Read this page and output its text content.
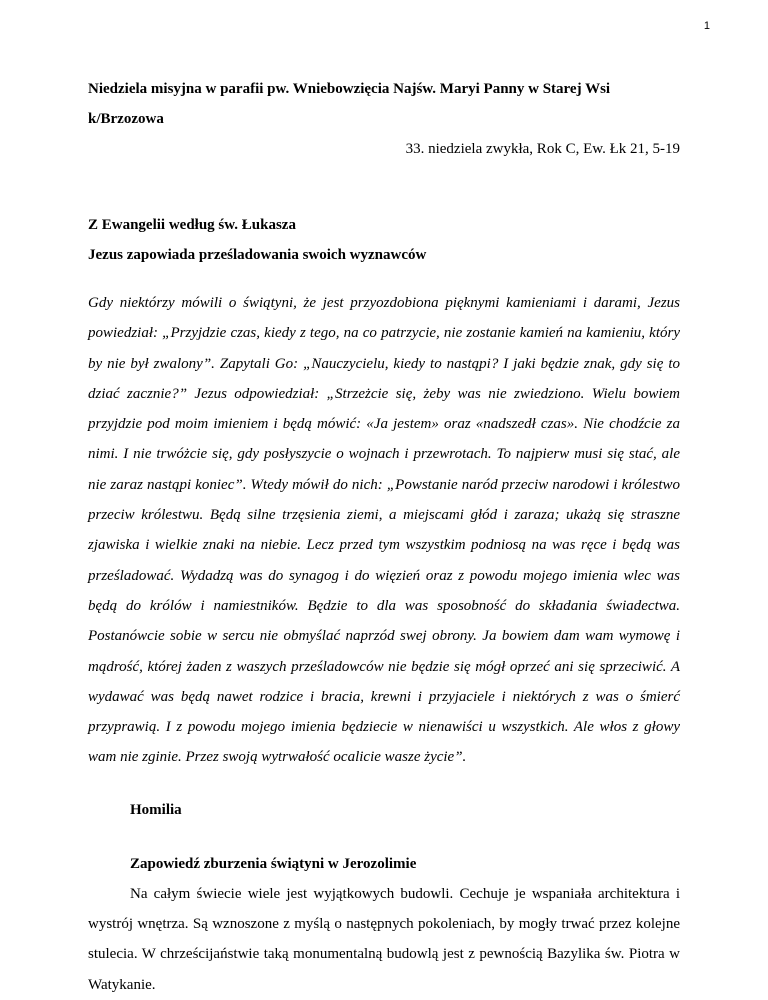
1

Niedziela misyjna w parafii pw. Wniebowzięcia Najśw. Maryi Panny w Starej Wsi k/Brzozowa

33. niedziela zwykła, Rok C, Ew. Łk 21, 5-19

Z Ewangelii według św. Łukasza

Jezus zapowiada prześladowania swoich wyznawców

Gdy niektórzy mówili o świątyni, że jest przyozdobiona pięknymi kamieniami i darami, Jezus powiedział: „Przyjdzie czas, kiedy z tego, na co patrzycie, nie zostanie kamień na kamieniu, który by nie był zwalony”. Zapytali Go: „Nauczycielu, kiedy to nastąpi? I jaki będzie znak, gdy się to dziać zacznie?” Jezus odpowiedział: „Strzeżcie się, żeby was nie zwiedziono. Wielu bowiem przyjdzie pod moim imieniem i będą mówić: «Ja jestem» oraz «nadszedł czas». Nie chodźcie za nimi. I nie trwóżcie się, gdy posłyszycie o wojnach i przewrotach. To najpierw musi się stać, ale nie zaraz nastąpi koniec”. Wtedy mówił do nich: „Powstanie naród przeciw narodowi i królestwo przeciw królestwu. Będą silne trzęsienia ziemi, a miejscami głód i zaraza; ukażą się straszne zjawiska i wielkie znaki na niebie. Lecz przed tym wszystkim podniosą na was ręce i będą was prześladować. Wydadzą was do synagog i do więzień oraz z powodu mojego imienia wlec was będą do królów i namiestników. Będzie to dla was sposobność do składania świadectwa. Postanówcie sobie w sercu nie obmyślać naprzód swej obrony. Ja bowiem dam wam wymowę i mądrość, której żaden z waszych prześladowców nie będzie się mógł oprzeć ani się sprzeciwić. A wydawać was będą nawet rodzice i bracia, krewni i przyjaciele i niektórych z was o śmierć przyprawią. I z powodu mojego imienia będziecie w nienawiści u wszystkich. Ale włos z głowy wam nie zginie. Przez swoją wytrwałość ocalicie wasze życie”.

Homilia

Zapowiedź zburzenia świątyni w Jerozolimie

Na całym świecie wiele jest wyjątkowych budowli. Cechuje je wspaniała architektura i wystrój wnętrza. Są wznoszone z myślą o następnych pokoleniach, by mogły trwać przez kolejne stulecia. W chrześcijaństwie taką monumentalną budowlą jest z pewnością Bazylika św. Piotra w Watykanie.
